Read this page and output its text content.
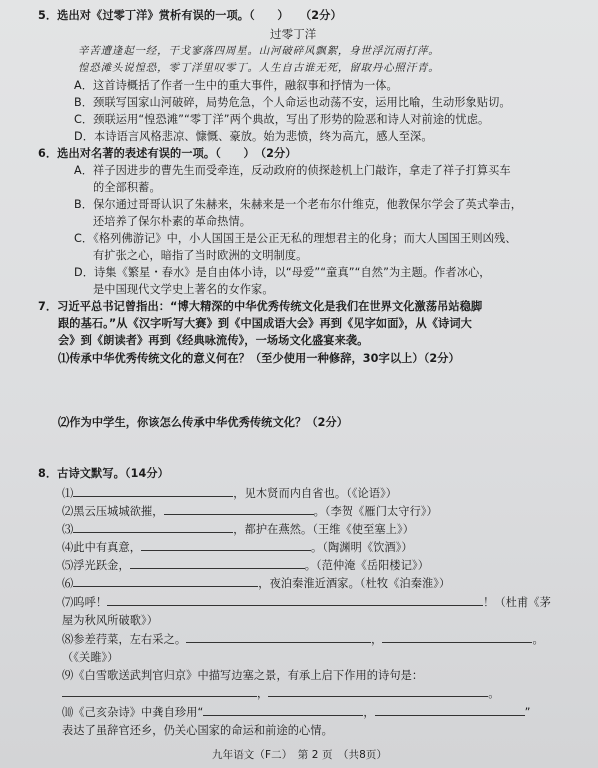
5．选出对《过零丁洋》赏析有误的一项。（　　）　　（2分）
过零丁洋
辛苦遭逢起一经，干戈寥落四周星。山河破碎风飘絮，身世浮沉雨打萍。
惶恐滩头说惶恐，零丁洋里叹零丁。人生自古谁无死，留取丹心照汗青。
A．这首诗概括了作者一生中的重大事件，融叙事和抒情为一体。
B．颈联写国家山河破碎，局势危急，个人命运也动荡不安，运用比喻，生动形象贴切。
C．颈联运用“惶恐滩”“零丁洋”两个典故，写出了形势的险恶和诗人对前途的忧虑。
D．本诗语言风格悲凉、慷慨、豪放。始为悲愤，终为高亢，感人至深。
6．选出对名著的表述有误的一项。（　　）　（2分）
A．祥子因进步的曹先生而受牵连，反动政府的侦探趁机上门敲诈，拿走了祥子打算买车
的全部积蓄。
B．保尔通过哥哥认识了朱赫来，朱赫来是一个老布尔什维克，他教保尔学会了英式拳击，
还培养了保尔朴素的革命热情。
C．《格列佛游记》中，小人国国王是公正无私的理想君主的化身；而大人国国王则凶残、
有扩张之心，暗指了当时欧洲的文明制度。
D．诗集《繁星・春水》是自由体小诗，以“母爱”“童真”“自然”为主题。作者冰心，
是中国现代文学史上著名的女作家。
7．习近平总书记曾指出：“博大精深的中华优秀传统文化是我们在世界文化激荡吊站稳脚
跟的基石。”从《汉字听写大赛》到《中国成语大会》再到《见字如面》，从《诗词大
会》到《朗读者》再到《经典咏流传》，一场场文化盛宴来袭。
⑴传承中华优秀传统文化的意义何在？（至少使用一种修辞，30字以上）（2分）
⑵作为中学生，你该怎么传承中华优秀传统文化？（2分）
8．古诗文默写。（14分）
⑴	，见木贤而内自省也。（《论语》）
⑵黑云压城城欲摧，	。（李贺《雁门太守行》）
⑶	，都护在燕然。（王维《使至塞上》）
⑷此中有真意，	。（陶渊明《饮酒》）
⑸浮光跃金，	。（范仲淹《岳阳楼记》）
⑹	，夜泊秦淮近酒家。（杜牧《泊秦淮》）
⑺呜呼！	！（杜甫《茅
屋为秋风所破歌》）
⑻参差荇菜，左右采之。	，	。
（《关雎》）
⑼《白雪歌送武判官归京》中描写边塞之景，有承上启下作用的诗句是：
，	。
⑽《己亥杂诗》中龚自珍用“	，	”
表达了虽辞官还乡，仍关心国家的命运和前途的心情。
九年语文（F二）　第 2 页　（共8页）
